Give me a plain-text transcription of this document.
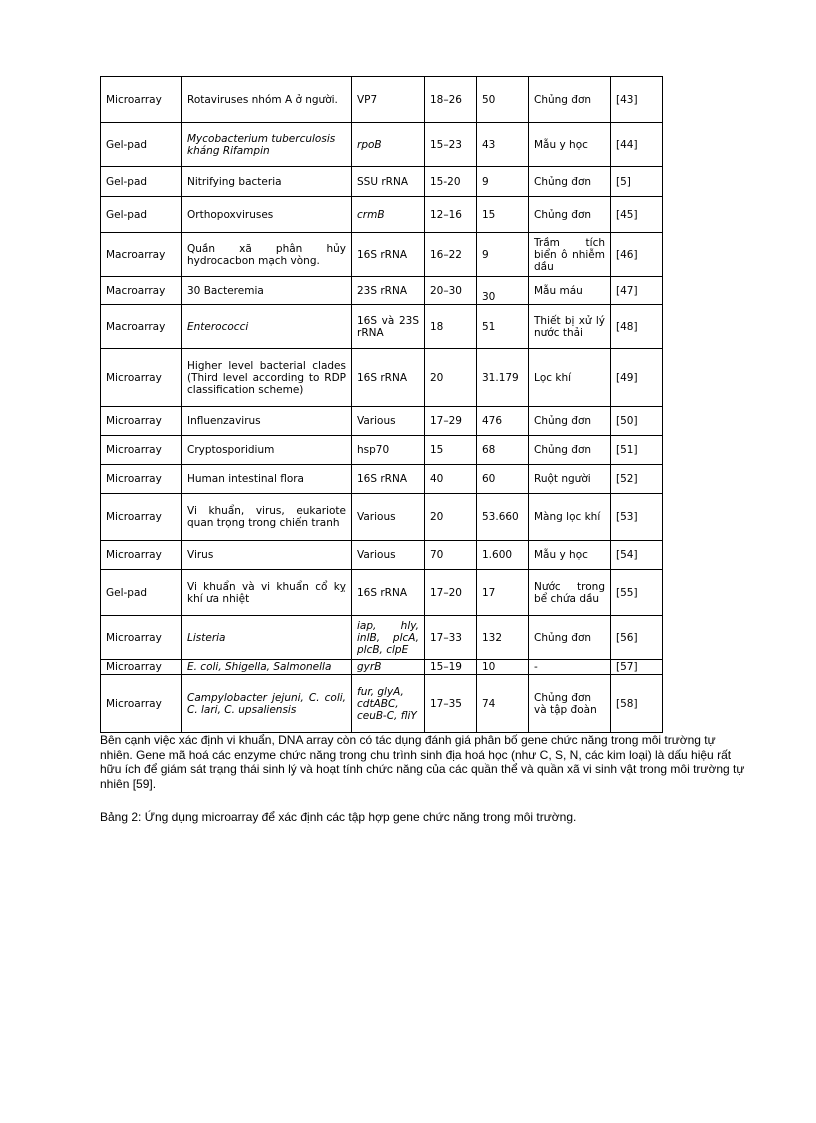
Microarray	Rotaviruses nhóm A ở người.	VP7	18–26	50	Chủng đơn	[43]
Gel-pad	Mycobacterium tuberculosis kháng Rifampin	rpoB	15–23	43	Mẫu y học	[44]
Gel-pad	Nitrifying bacteria	SSU rRNA	15-20	9	Chủng đơn	[5]
Gel-pad	Orthopoxviruses	crmB	12–16	15	Chủng đơn	[45]
Macroarray	Quần xã phân hủy hydrocacbon mạch vòng.	16S rRNA	16–22	9	Trầm tích biển ô nhiễm dầu	[46]
Macroarray	30 Bacteremia	23S rRNA	20–30	30	Mẫu máu	[47]
Macroarray	Enterococci	16S và 23S rRNA	18	51	Thiết bị xử lý nước thải	[48]
Microarray	Higher level bacterial clades (Third level according to RDP classification scheme)	16S rRNA	20	31.179	Lọc khí	[49]
Microarray	Influenzavirus	Various	17–29	476	Chủng đơn	[50]
Microarray	Cryptosporidium	hsp70	15	68	Chủng đơn	[51]
Microarray	Human intestinal flora	16S rRNA	40	60	Ruột người	[52]
Microarray	Vi khuẩn, virus, eukariote quan trọng trong chiến tranh	Various	20	53.660	Màng lọc khí	[53]
Microarray	Virus	Various	70	1.600	Mẫu y học	[54]
Gel-pad	Vi khuẩn và vi khuẩn cổ kỵ khí ưa nhiệt	16S rRNA	17–20	17	Nước trong bể chứa dầu	[55]
Microarray	Listeria	iap, hly, inlB, plcA, plcB, clpE	17–33	132	Chủng đơn	[56]
Microarray	E. coli, Shigella, Salmonella	gyrB	15–19	10	-	[57]
Microarray	Campylobacter jejuni, C. coli, C. lari, C. upsaliensis	fur, glyA, cdtABC, ceuB-C, fliY	17–35	74	Chủng đơn và tập đoàn	[58]

Bên cạnh việc xác định vi khuẩn, DNA array còn có tác dụng đánh giá phân bố gene chức năng trong môi trường tự nhiên. Gene mã hoá các enzyme chức năng trong chu trình sinh địa hoá học (như C, S, N, các kim loại) là dấu hiệu rất hữu ích để giám sát trạng thái sinh lý và hoạt tính chức năng của các quần thể và quần xã vi sinh vật trong môi trường tự nhiên [59].

Bảng 2: Ứng dụng microarray để xác định các tập hợp gene chức năng trong môi trường.
